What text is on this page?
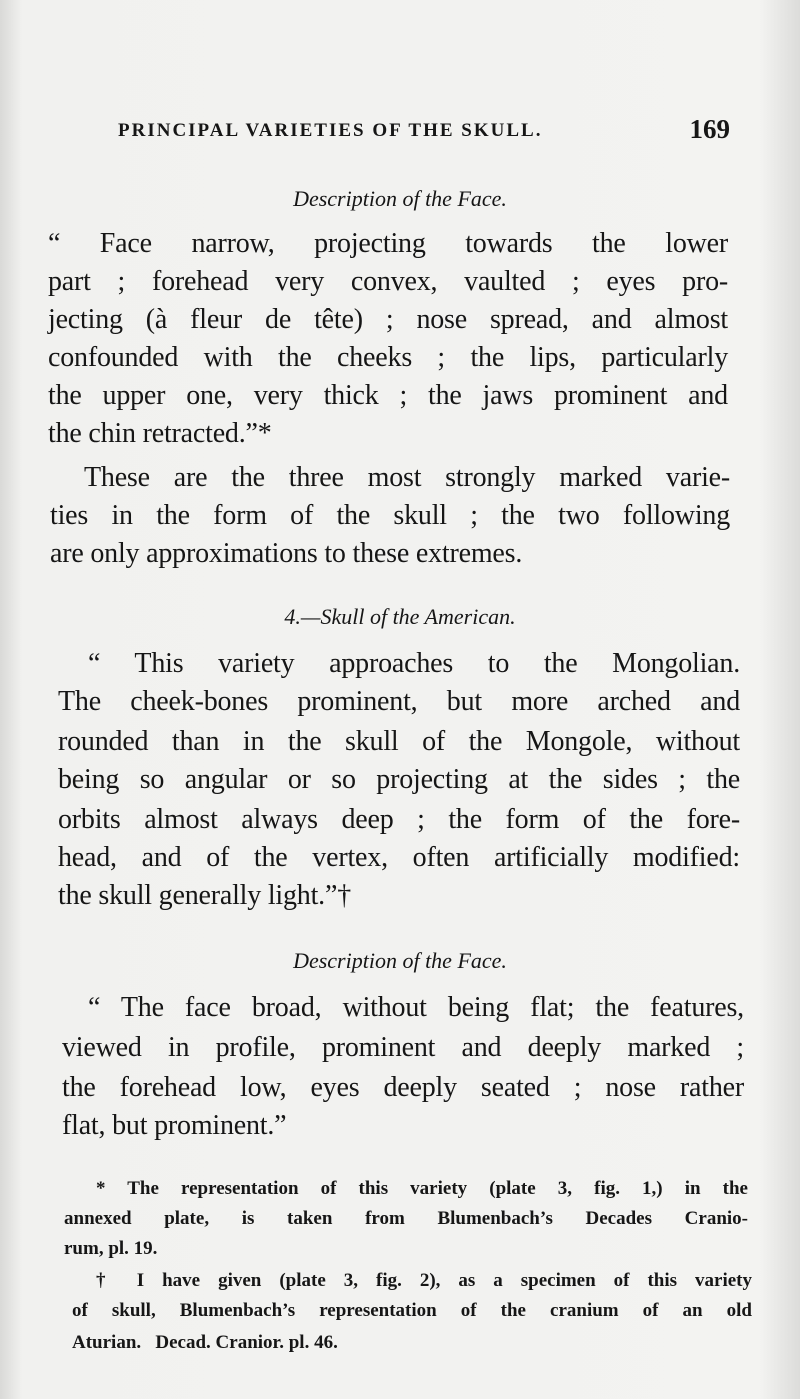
PRINCIPAL VARIETIES OF THE SKULL.	169
Description of the Face.
“ Face narrow, projecting towards the lower
part ; forehead very convex, vaulted ; eyes pro-
jecting (à fleur de tête) ; nose spread, and almost
confounded with the cheeks ; the lips, particularly
the upper one, very thick ; the jaws prominent and
the chin retracted.”*
These are the three most strongly marked varie-
ties in the form of the skull ; the two following
are only approximations to these extremes.
4.—Skull of the American.
“ This variety approaches to the Mongolian.
The cheek-bones prominent, but more arched and
rounded than in the skull of the Mongole, without
being so angular or so projecting at the sides ; the
orbits almost always deep ; the form of the fore-
head, and of the vertex, often artificially modified:
the skull generally light.”†
Description of the Face.
“ The face broad, without being flat; the features,
viewed in profile, prominent and deeply marked ;
the forehead low, eyes deeply seated ; nose rather
flat, but prominent.”
* The representation of this variety (plate 3, fig. 1,) in the
annexed plate, is taken from Blumenbach’s Decades Cranio-
rum, pl. 19.
† I have given (plate 3, fig. 2), as a specimen of this variety
of skull, Blumenbach’s representation of the cranium of an old
Aturian.   Decad. Cranior. pl. 46.
